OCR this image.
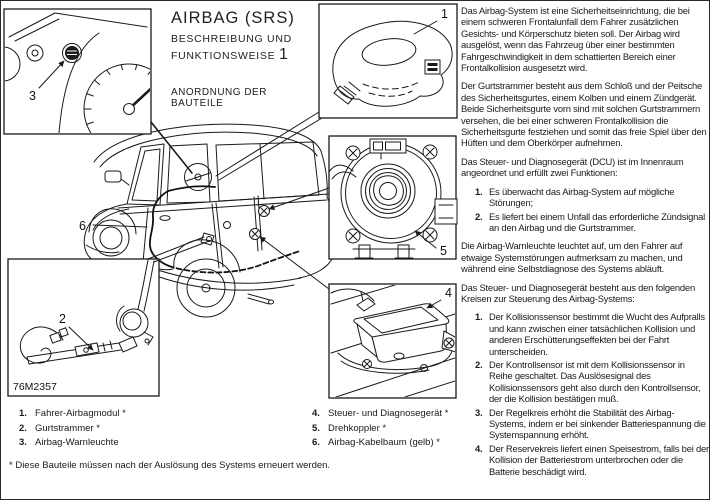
3
1
5
4
2
76M2357
6
AIRBAG (SRS)
BESCHREIBUNG UND
FUNKTIONSWEISE 1
ANORDNUNG DER BAUTEILE

Das Airbag-System ist eine Sicherheitseinrichtung, die bei einem schweren Frontalunfall dem Fahrer zusätzlichen Gesichts- und Körperschutz bieten soll. Der Airbag wird ausgelöst, wenn das Fahrzeug über einer bestimmten Fahrgeschwindigkeit in dem schattierten Bereich einer Frontalkollision ausgesetzt wird.

Der Gurtstrammer besteht aus dem Schloß und der Peitsche des Sicherheitsgurtes, einem Kolben und einem Zündgerät. Beide Sicherheitsgurte vorn sind mit solchen Gurtstrammern versehen, die bei einer schweren Frontalkollision die Sicherheitsgurte festziehen und somit das freie Spiel über den Hüften und dem Oberkörper aufnehmen.

Das Steuer- und Diagnosegerät (DCU) ist im Innenraum angeordnet und erfüllt zwei Funktionen:

1. Es überwacht das Airbag-System auf mögliche Störungen;
2. Es liefert bei einem Unfall das erforderliche Zündsignal an den Airbag und die Gurtstrammer.

Die Airbag-Warnleuchte leuchtet auf, um den Fahrer auf etwaige Systemstörungen aufmerksam zu machen, und während eine Selbstdiagnose des Systems abläuft.

Das Steuer- und Diagnosegerät besteht aus den folgenden Kreisen zur Steuerung des Airbag-Systems:

1. Der Kollisionssensor bestimmt die Wucht des Aufpralls und kann zwischen einer tatsächlichen Kollision und anderen Erschütterungseffekten bei der Fahrt unterscheiden.
2. Der Kontrollsensor ist mit dem Kollisionssensor in Reihe geschaltet. Das Auslösesignal des Kollisionssensors geht also durch den Kontrollsensor, der die Kollision bestätigen muß.
3. Der Regelkreis erhöht die Stabilität des Airbag-Systems, indem er bei sinkender Batteriespannung die Systemspannung erhöht.
4. Der Reservekreis liefert einen Speisestrom, falls bei der Kollision der Batteriestrom unterbrochen oder die Batterie beschädigt wird.
1. Fahrer-Airbagmodul *
2. Gurtstrammer *
3. Airbag-Warnleuchte
4. Steuer- und Diagnosegerät *
5. Drehkoppler *
6. Airbag-Kabelbaum (gelb) *
* Diese Bauteile müssen nach der Auslösung des Systems erneuert werden.
